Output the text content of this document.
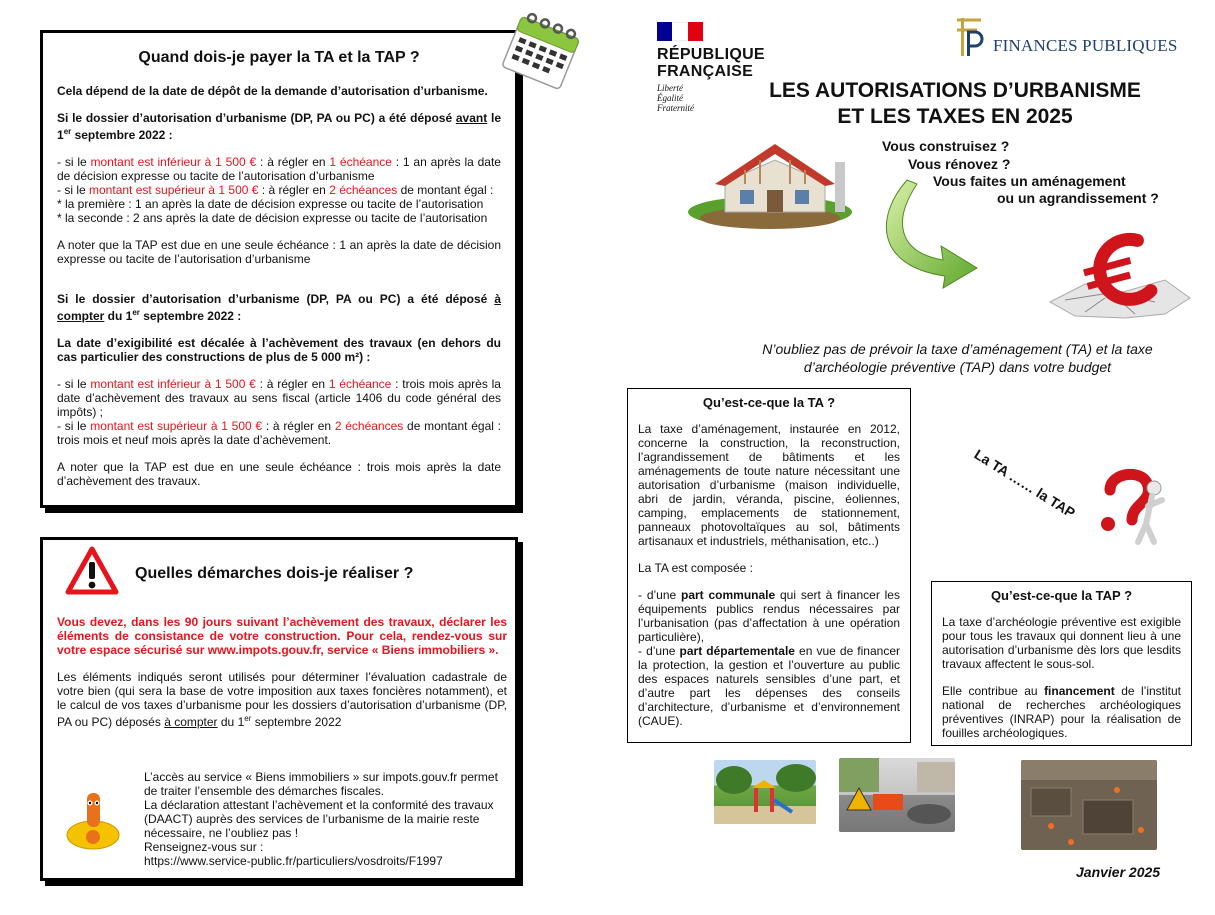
Quand dois-je payer la TA et la TAP ?
Cela dépend de la date de dépôt de la demande d’autorisation d’urbanisme.
Si le dossier d’autorisation d’urbanisme (DP, PA ou PC) a été déposé avant le 1er septembre 2022 :
- si le montant est inférieur à 1 500 € : à régler en 1 échéance : 1 an après la date de décision expresse ou tacite de l’autorisation d’urbanisme
- si le montant est supérieur à 1 500 € : à régler en 2 échéances de montant égal :
* la première : 1 an après la date de décision expresse ou tacite de l’autorisation
* la seconde : 2 ans après la date de décision expresse ou tacite de l’autorisation
A noter que la TAP est due en une seule échéance : 1 an après la date de décision expresse ou tacite de l’autorisation d’urbanisme
Si le dossier d’autorisation d’urbanisme (DP, PA ou PC) a été déposé à compter du 1er septembre 2022 :
La date d’exigibilité est décalée à l’achèvement des travaux (en dehors du cas particulier des constructions de plus de 5 000 m²) :
- si le montant est inférieur à 1 500 € : à régler en 1 échéance : trois mois après la date d’achèvement des travaux au sens fiscal (article 1406 du code général des impôts) ;
- si le montant est supérieur à 1 500 € : à régler en 2 échéances de montant égal : trois mois et neuf mois après la date d’achèvement.
A noter que la TAP est due en une seule échéance : trois mois après la date d’achèvement des travaux.
Quelles démarches dois-je réaliser ?
Vous devez, dans les 90 jours suivant l’achèvement des travaux, déclarer les éléments de consistance de votre construction. Pour cela, rendez-vous sur votre espace sécurisé sur www.impots.gouv.fr, service « Biens immobiliers ».
Les éléments indiqués seront utilisés pour déterminer l’évaluation cadastrale de votre bien (qui sera la base de votre imposition aux taxes foncières notamment), et le calcul de vos taxes d’urbanisme pour les dossiers d’autorisation d’urbanisme (DP, PA ou PC) déposés à compter du 1er septembre 2022
L’accès au service « Biens immobiliers » sur impots.gouv.fr permet de traiter l’ensemble des démarches fiscales.
La déclaration attestant l’achèvement et la conformité des travaux (DAACT) auprès des services de l’urbanisme de la mairie reste nécessaire, ne l’oubliez pas !
Renseignez-vous sur :
https://www.service-public.fr/particuliers/vosdroits/F1997
RÉPUBLIQUE
FRANÇAISE
Liberté
Égalité
Fraternité
FINANCES PUBLIQUES
LES AUTORISATIONS D’URBANISME
ET LES TAXES EN 2025
Vous construisez ?
Vous rénovez ?
Vous faites un aménagement
ou un agrandissement ?
N’oubliez pas de prévoir la taxe d’aménagement (TA) et la taxe d’archéologie préventive (TAP) dans votre budget
Qu’est-ce-que la TA ?
La taxe d’aménagement, instaurée en 2012, concerne la construction, la reconstruction, l’agrandissement de bâtiments et les aménagements de toute nature nécessitant une autorisation d’urbanisme (maison individuelle, abri de jardin, véranda, piscine, éoliennes, camping, emplacements de stationnement, panneaux photovoltaïques au sol, bâtiments artisanaux et industriels, méthanisation, etc..)
La TA est composée :
- d’une part communale qui sert à financer les équipements publics rendus nécessaires par l’urbanisation (pas d’affectation à une opération particulière),
- d’une part départementale en vue de financer la protection, la gestion et l’ouverture au public des espaces naturels sensibles d’une part, et d’autre part les dépenses des conseils d’architecture, d’urbanisme et d’environnement (CAUE).
La TA …… la TAP
Qu’est-ce-que la TAP ?
La taxe d’archéologie préventive est exigible pour tous les travaux qui donnent lieu à une autorisation d’urbanisme dès lors que lesdits travaux affectent le sous-sol.
Elle contribue au financement de l’institut national de recherches archéologiques préventives (INRAP) pour la réalisation de fouilles archéologiques.
Janvier 2025
